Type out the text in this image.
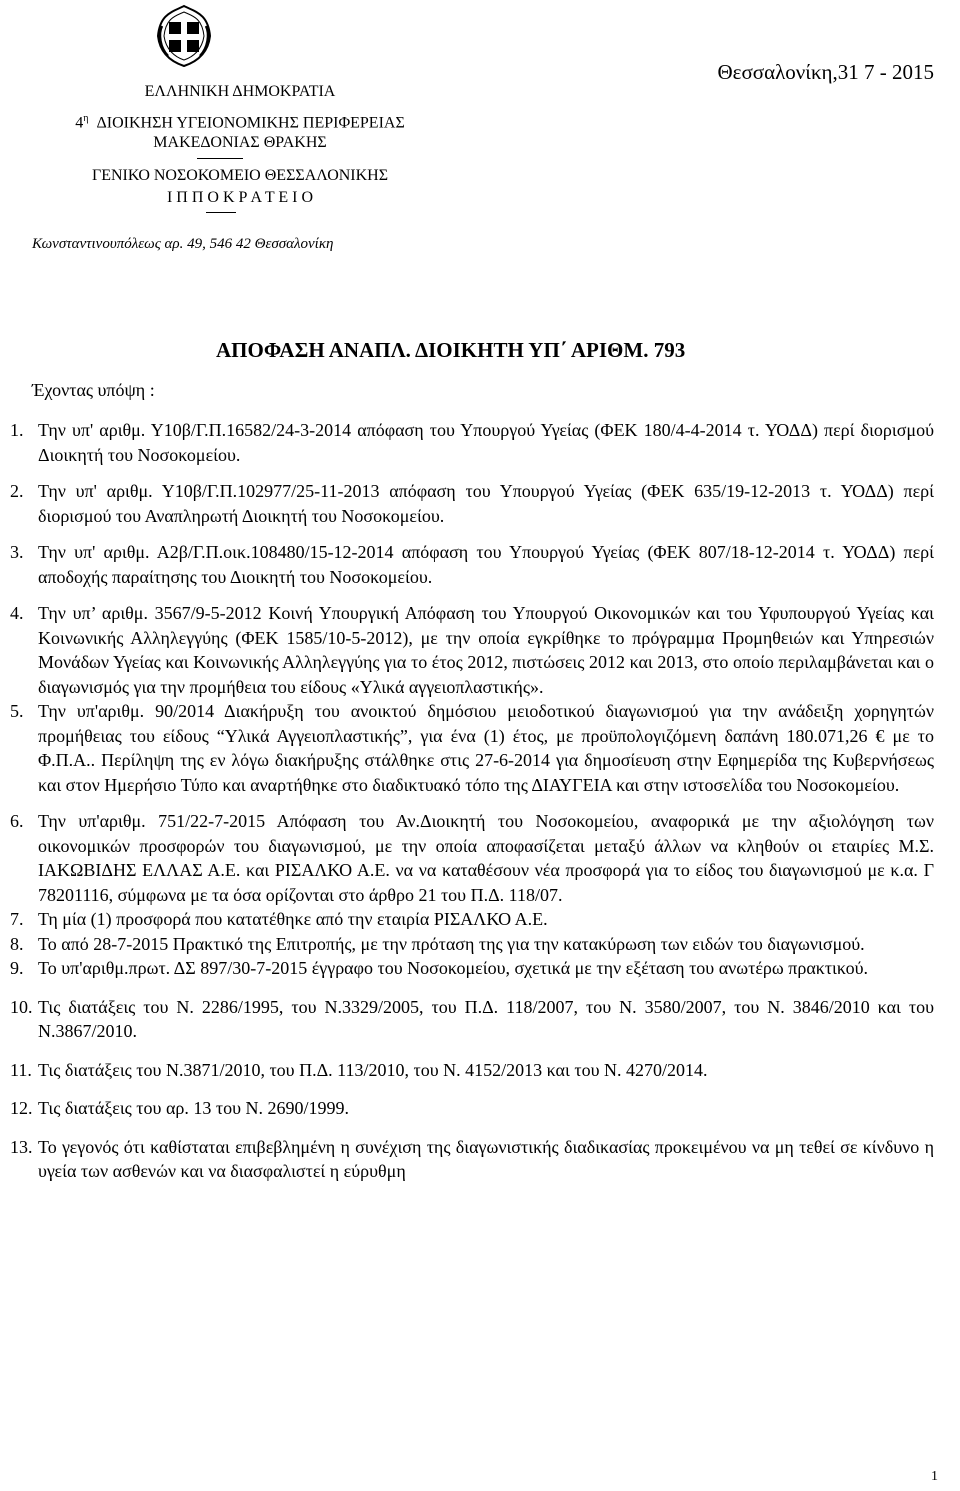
ΕΛΛΗΝΙΚΗ ΔΗΜΟΚΡΑΤΙΑ
$4^\eta$ ΔΙΟΙΚΗΣΗ ΥΓΕΙΟΝΟΜΙΚΗΣ ΠΕΡΙΦΕΡΕΙΑΣ
ΜΑΚΕΔΟΝΙΑΣ ΘΡΑΚΗΣ
ΓΕΝΙΚΟ ΝΟΣΟΚΟΜΕΙΟ ΘΕΣΣΑΛΟΝΙΚΗΣ
Ι Π Π Ο Κ Ρ Α Τ Ε Ι Ο
Κωνσταντινουπόλεως αρ. 49, 546 42 Θεσσαλονίκη
Θεσσαλονίκη,31 7 - 2015
ΑΠΟΦΑΣΗ ΑΝΑΠΛ. ΔΙΟΙΚΗΤΗ ΥΠ΄ ΑΡΙΘΜ. 793
Έχοντας υπόψη :
1. Την υπ' αριθμ. Υ10β/Γ.Π.16582/24-3-2014 απόφαση του Υπουργού Υγείας (ΦΕΚ 180/4-4-2014 τ. ΥΟΔΔ) περί διορισμού Διοικητή του Νοσοκομείου.
2. Την υπ' αριθμ. Υ10β/Γ.Π.102977/25-11-2013 απόφαση του Υπουργού Υγείας (ΦΕΚ 635/19-12-2013 τ. ΥΟΔΔ) περί διορισμού του Αναπληρωτή Διοικητή του Νοσοκομείου.
3. Την υπ' αριθμ. Α2β/Γ.Π.οικ.108480/15-12-2014 απόφαση του Υπουργού Υγείας (ΦΕΚ 807/18-12-2014 τ. ΥΟΔΔ) περί αποδοχής παραίτησης του Διοικητή του Νοσοκομείου.
4. Την υπ’ αριθμ. 3567/9-5-2012 Κοινή Υπουργική Απόφαση του Υπουργού Οικονομικών και του Υφυπουργού Υγείας και Κοινωνικής Αλληλεγγύης (ΦΕΚ 1585/10-5-2012), με την οποία εγκρίθηκε το πρόγραμμα Προμηθειών και Υπηρεσιών Μονάδων Υγείας και Κοινωνικής Αλληλεγγύης για το έτος 2012, πιστώσεις 2012 και 2013, στο οποίο περιλαμβάνεται και ο διαγωνισμός για την προμήθεια του είδους «Υλικά αγγειοπλαστικής».
5. Την υπ'αριθμ. 90/2014 Διακήρυξη του ανοικτού δημόσιου μειοδοτικού διαγωνισμού για την ανάδειξη χορηγητών προμήθειας του είδους “Υλικά Αγγειοπλαστικής”, για ένα (1) έτος, με προϋπολογιζόμενη δαπάνη 180.071,26 € με το Φ.Π.Α.. Περίληψη της εν λόγω διακήρυξης στάλθηκε στις 27-6-2014 για δημοσίευση στην Εφημερίδα της Κυβερνήσεως και στον Ημερήσιο Τύπο και αναρτήθηκε στο διαδικτυακό τόπο της ΔΙΑΥΓΕΙΑ και στην ιστοσελίδα του Νοσοκομείου.
6. Την υπ'αριθμ. 751/22-7-2015 Απόφαση του Αν.Διοικητή του Νοσοκομείου, αναφορικά με την αξιολόγηση των οικονομικών προσφορών του διαγωνισμού, με την οποία αποφασίζεται μεταξύ άλλων να κληθούν οι εταιρίες Μ.Σ. ΙΑΚΩΒΙΔΗΣ ΕΛΛΑΣ Α.Ε. και ΡΙΣΑΛΚΟ Α.Ε. να να καταθέσουν νέα προσφορά για το είδος του διαγωνισμού με κ.α. Γ 78201116, σύμφωνα με τα όσα ορίζονται στο άρθρο 21 του Π.Δ. 118/07.
7. Τη μία (1) προσφορά που κατατέθηκε από την εταιρία ΡΙΣΑΛΚΟ Α.Ε.
8. Το από 28-7-2015 Πρακτικό της Επιτροπής, με την πρόταση της για την κατακύρωση των ειδών του διαγωνισμού.
9. Το υπ'αριθμ.πρωτ. ΔΣ 897/30-7-2015 έγγραφο του Νοσοκομείου, σχετικά με την εξέταση του ανωτέρω πρακτικού.
10. Τις διατάξεις του Ν. 2286/1995, του Ν.3329/2005, του Π.Δ. 118/2007, του Ν. 3580/2007, του Ν. 3846/2010 και του Ν.3867/2010.
11. Τις διατάξεις του Ν.3871/2010, του Π.Δ. 113/2010, του Ν. 4152/2013 και του Ν. 4270/2014.
12. Τις διατάξεις του αρ. 13 του Ν. 2690/1999.
13. Το γεγονός ότι καθίσταται επιβεβλημένη η συνέχιση της διαγωνιστικής διαδικασίας προκειμένου να μη τεθεί σε κίνδυνο η υγεία των ασθενών και να διασφαλιστεί η εύρυθμη
1
